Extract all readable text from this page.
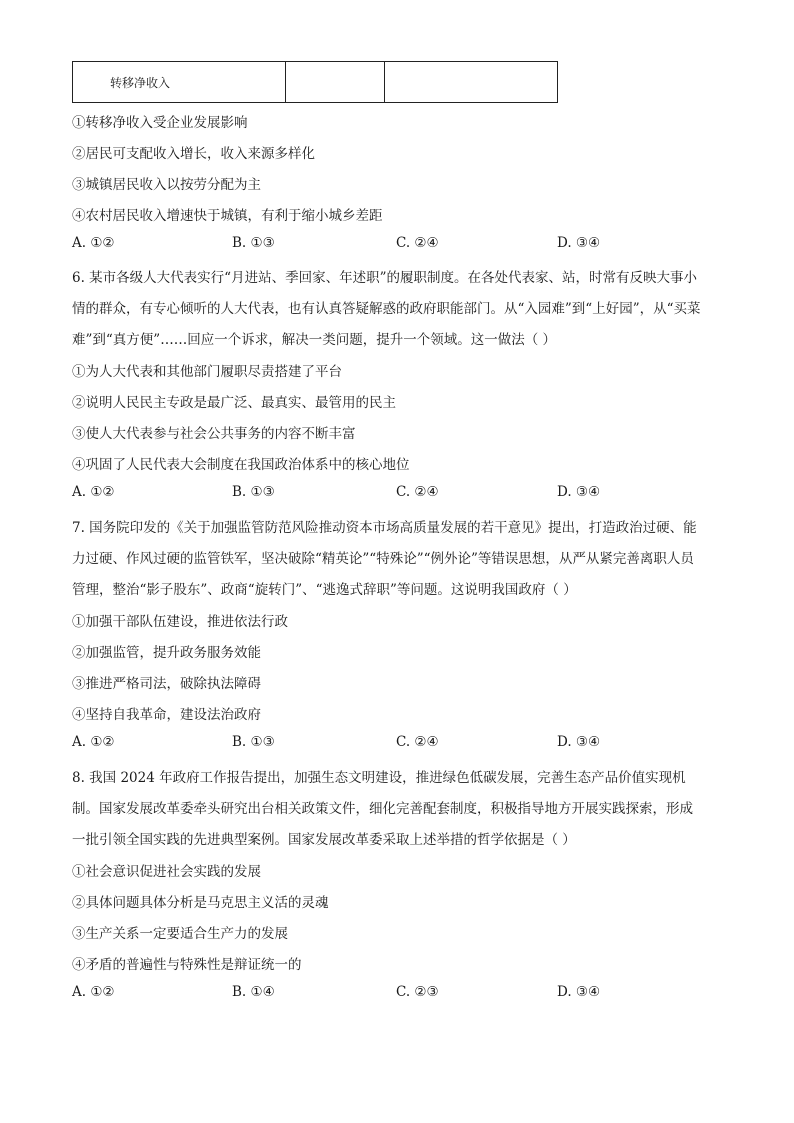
转移净收入		
①转移净收入受企业发展影响
②居民可支配收入增长，收入来源多样化
③城镇居民收入以按劳分配为主
④农村居民收入增速快于城镇，有利于缩小城乡差距
A. ①②	B. ①③	C. ②④	D. ③④
6. 某市各级人大代表实行“月进站、季回家、年述职”的履职制度。在各处代表家、站，时常有反映大事小
情的群众，有专心倾听的人大代表，也有认真答疑解惑的政府职能部门。从“入园难”到“上好园”，从“买菜
难”到“真方便”……回应一个诉求，解决一类问题，提升一个领域。这一做法（ ）
①为人大代表和其他部门履职尽责搭建了平台
②说明人民民主专政是最广泛、最真实、最管用的民主
③使人大代表参与社会公共事务的内容不断丰富
④巩固了人民代表大会制度在我国政治体系中的核心地位
A. ①②	B. ①③	C. ②④	D. ③④
7. 国务院印发的《关于加强监管防范风险推动资本市场高质量发展的若干意见》提出，打造政治过硬、能
力过硬、作风过硬的监管铁军，坚决破除“精英论”“特殊论”“例外论”等错误思想，从严从紧完善离职人员
管理，整治“影子股东”、政商“旋转门”、“逃逸式辞职”等问题。这说明我国政府（ ）
①加强干部队伍建设，推进依法行政
②加强监管，提升政务服务效能
③推进严格司法，破除执法障碍
④坚持自我革命，建设法治政府
A. ①②	B. ①③	C. ②④	D. ③④
8. 我国 2024 年政府工作报告提出，加强生态文明建设，推进绿色低碳发展，完善生态产品价值实现机
制。国家发展改革委牵头研究出台相关政策文件，细化完善配套制度，积极指导地方开展实践探索，形成
一批引领全国实践的先进典型案例。国家发展改革委采取上述举措的哲学依据是（ ）
①社会意识促进社会实践的发展
②具体问题具体分析是马克思主义活的灵魂
③生产关系一定要适合生产力的发展
④矛盾的普遍性与特殊性是辩证统一的
A. ①②	B. ①④	C. ②③	D. ③④
